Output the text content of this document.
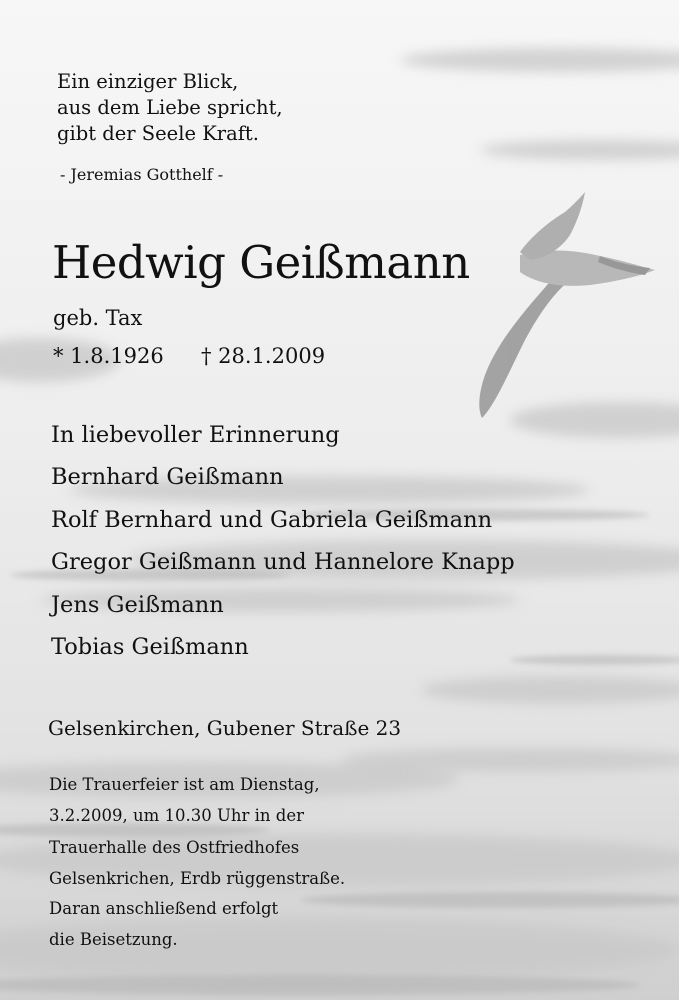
Ein einziger Blick,
aus dem Liebe spricht,
gibt der Seele Kraft.
- Jeremias Gotthelf -
Hedwig Geißmann
geb. Tax
* 1.8.1926 † 28.1.2009
In liebevoller Erinnerung
Bernhard Geißmann
Rolf Bernhard und Gabriela Geißmann
Gregor Geißmann und Hannelore Knapp
Jens Geißmann
Tobias Geißmann
Gelsenkirchen, Gubener Straße 23
Die Trauerfeier ist am Dienstag,
3.2.2009, um 10.30 Uhr in der
Trauerhalle des Ostfriedhofes
Gelsenkrichen, Erdb rüggenstraße.
Daran anschließend erfolgt
die Beisetzung.
